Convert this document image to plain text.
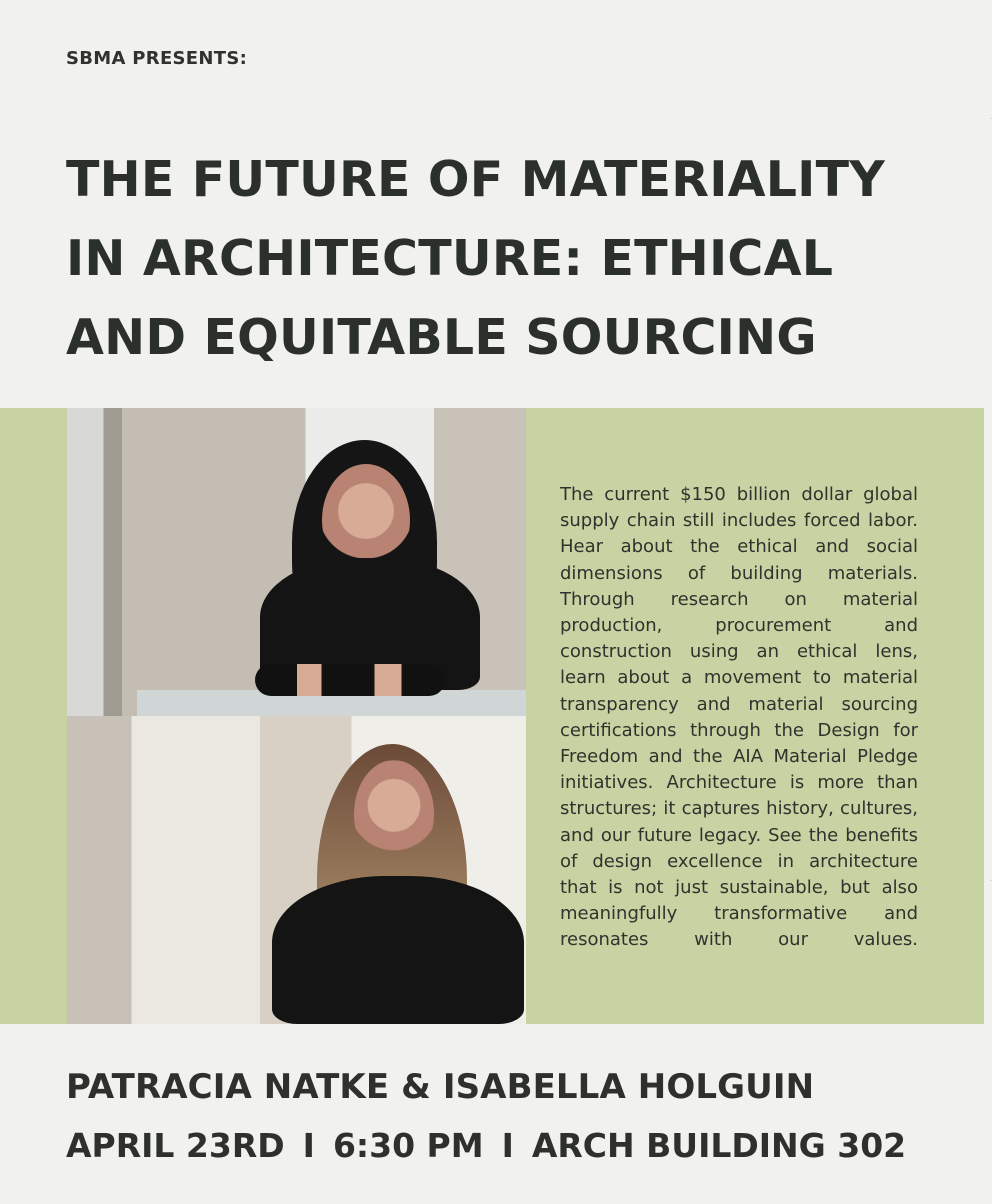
SBMA PRESENTS:
THE FUTURE OF MATERIALITY
IN ARCHITECTURE: ETHICAL
AND EQUITABLE SOURCING

The current $150 billion dollar global supply chain still includes forced labor. Hear about the ethical and social dimensions of building materials. Through research on material production, procurement and construction using an ethical lens, learn about a movement to material transparency and material sourcing certifications through the Design for Freedom and the AIA Material Pledge initiatives. Architecture is more than structures; it captures history, cultures, and our future legacy. See the benefits of design excellence in architecture that is not just sustainable, but also meaningfully transformative and resonates with our values.

PATRACIA NATKE & ISABELLA HOLGUIN
APRIL 23RD I 6:30 PM I ARCH BUILDING 302
